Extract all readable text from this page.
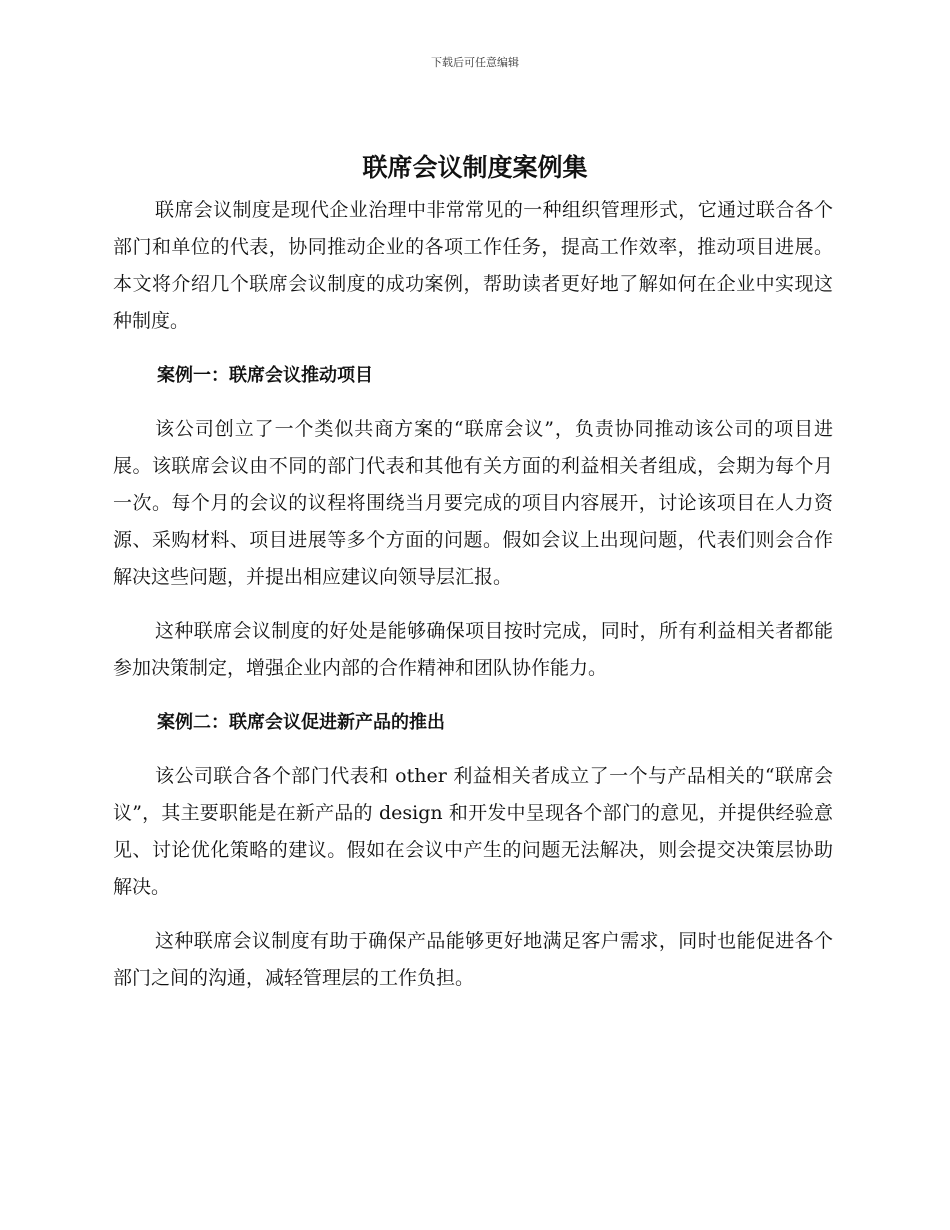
下载后可任意编辑
联席会议制度案例集

联席会议制度是现代企业治理中非常常见的一种组织管理形式，它通过联合各个部门和单位的代表，协同推动企业的各项工作任务，提高工作效率，推动项目进展。本文将介绍几个联席会议制度的成功案例，帮助读者更好地了解如何在企业中实现这种制度。

案例一：联席会议推动项目

该公司创立了一个类似共商方案的“联席会议”，负责协同推动该公司的项目进展。该联席会议由不同的部门代表和其他有关方面的利益相关者组成，会期为每个月一次。每个月的会议的议程将围绕当月要完成的项目内容展开，讨论该项目在人力资源、采购材料、项目进展等多个方面的问题。假如会议上出现问题，代表们则会合作解决这些问题，并提出相应建议向领导层汇报。

这种联席会议制度的好处是能够确保项目按时完成，同时，所有利益相关者都能参加决策制定，增强企业内部的合作精神和团队协作能力。

案例二：联席会议促进新产品的推出

该公司联合各个部门代表和 other 利益相关者成立了一个与产品相关的“联席会议”，其主要职能是在新产品的 design 和开发中呈现各个部门的意见，并提供经验意见、讨论优化策略的建议。假如在会议中产生的问题无法解决，则会提交决策层协助解决。

这种联席会议制度有助于确保产品能够更好地满足客户需求，同时也能促进各个部门之间的沟通，减轻管理层的工作负担。
